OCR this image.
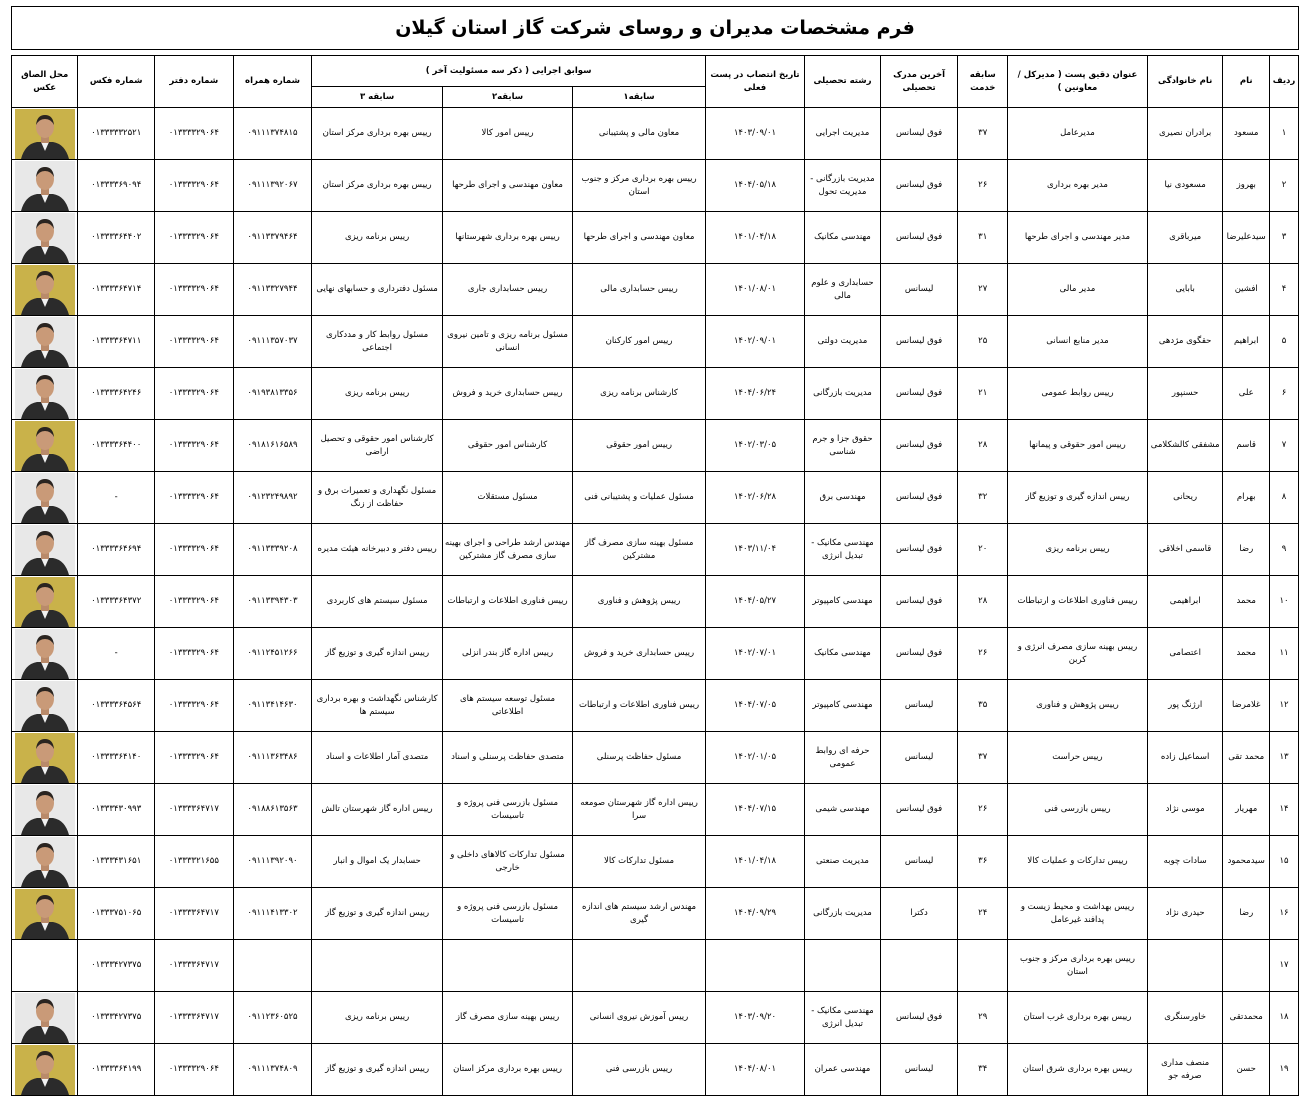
فرم مشخصات مدیران و روسای شرکت گاز استان گیلان
ردیف	نام	نام خانوادگی	عنوان دقیق پست ( مدیرکل / معاونین )	سابقه خدمت	آخرین مدرک تحصیلی	رشته تحصیلی	تاریخ انتصاب در پست فعلی	سوابق اجرایی ( ذکر سه مسئولیت آخر )			شماره همراه	شماره دفتر	شماره فکس	محل الصاق عکس
								سابقه۱	سابقه۲	سابقه ۳				
۱	مسعود	برادران نصیری	مدیرعامل	۳۷	فوق لیسانس	مدیریت اجرایی	۱۴۰۳/۰۹/۰۱	معاون مالی و پشتیبانی	رییس امور کالا	رییس بهره برداری مرکز استان	۰۹۱۱۱۳۷۴۸۱۵	۰۱۳۳۳۳۲۹۰۶۴	۰۱۳۳۳۳۳۲۵۲۱	

۲	بهروز	مسعودی نیا	مدیر بهره برداری	۲۶	فوق لیسانس	مدیریت بازرگانی - مدیریت تحول	۱۴۰۴/۰۵/۱۸	رییس بهره برداری مرکز و جنوب استان	معاون مهندسی و اجرای طرحها	رییس بهره برداری مرکز استان	۰۹۱۱۱۳۹۲۰۶۷	۰۱۳۳۳۳۲۹۰۶۴	۰۱۳۳۳۳۶۹۰۹۴	

۳	سیدعلیرضا	میرباقری	مدیر مهندسی و اجرای طرحها	۳۱	فوق لیسانس	مهندسی مکانیک	۱۴۰۱/۰۴/۱۸	معاون مهندسی و اجرای طرحها	رییس بهره برداری شهرستانها	رییس برنامه ریزی	۰۹۱۱۳۳۷۹۴۶۴	۰۱۳۳۳۳۲۹۰۶۴	۰۱۳۳۳۳۶۴۴۰۲	

۴	افشین	بابایی	مدیر مالی	۲۷	لیسانس	حسابداری و علوم مالی	۱۴۰۱/۰۸/۰۱	رییس حسابداری مالی	رییس حسابداری جاری	مسئول دفترداری و حسابهای نهایی	۰۹۱۱۳۳۲۷۹۴۴	۰۱۳۳۳۳۲۹۰۶۴	۰۱۳۳۳۳۶۴۷۱۴	

۵	ابراهیم	حقگوی مژدهی	مدیر منابع انسانی	۲۵	فوق لیسانس	مدیریت دولتی	۱۴۰۲/۰۹/۰۱	رییس امور کارکنان	مسئول برنامه ریزی و تامین نیروی انسانی	مسئول روابط کار و مددکاری اجتماعی	۰۹۱۱۱۳۵۷۰۳۷	۰۱۳۳۳۳۲۹۰۶۴	۰۱۳۳۳۳۶۴۷۱۱	

۶	علی	حسنپور	رییس روابط عمومی	۲۱	فوق لیسانس	مدیریت بازرگانی	۱۴۰۴/۰۶/۲۴	کارشناس برنامه ریزی	رییس حسابداری خرید و فروش	رییس برنامه ریزی	۰۹۱۹۳۸۱۳۳۵۶	۰۱۳۳۳۳۲۹۰۶۴	۰۱۳۳۳۳۶۴۲۴۶	

۷	قاسم	مشفقی کالشکلامی	رییس امور حقوقی و پیمانها	۲۸	فوق لیسانس	حقوق جزا و جرم شناسی	۱۴۰۲/۰۳/۰۵	رییس امور حقوقی	کارشناس امور حقوقی	کارشناس امور حقوقی و تحصیل اراضی	۰۹۱۸۱۶۱۶۵۸۹	۰۱۳۳۳۳۲۹۰۶۴	۰۱۳۳۳۳۶۴۴۰۰	

۸	بهرام	ریحانی	رییس اندازه گیری و توزیع گاز	۳۲	فوق لیسانس	مهندسی برق	۱۴۰۲/۰۶/۲۸	مسئول عملیات و پشتیبانی فنی	مسئول مستقلات	مسئول نگهداری و تعمیرات برق و حفاظت از زنگ	۰۹۱۲۳۲۴۹۸۹۲	۰۱۳۳۳۳۲۹۰۶۴	-	

۹	رضا	قاسمی اخلاقی	رییس برنامه ریزی	۲۰	فوق لیسانس	مهندسی مکانیک - تبدیل انرژی	۱۴۰۳/۱۱/۰۴	مسئول بهینه سازی مصرف گاز مشترکین	مهندس ارشد طراحی و اجرای بهینه سازی مصرف گاز مشترکین	رییس دفتر و دبیرخانه هیئت مدیره	۰۹۱۱۳۳۳۹۲۰۸	۰۱۳۳۳۳۲۹۰۶۴	۰۱۳۳۳۳۶۴۶۹۴	

۱۰	محمد	ابراهیمی	رییس فناوری اطلاعات و ارتباطات	۲۸	فوق لیسانس	مهندسی کامپیوتر	۱۴۰۴/۰۵/۲۷	رییس پژوهش و فناوری	رییس فناوری اطلاعات و ارتباطات	مسئول سیستم های کاربردی	۰۹۱۱۳۳۹۴۳۰۳	۰۱۳۳۳۳۲۹۰۶۴	۰۱۳۳۳۳۶۴۳۷۲	

۱۱	محمد	اعتصامی	رییس بهینه سازی مصرف انرژی و کربن	۲۶	فوق لیسانس	مهندسی مکانیک	۱۴۰۲/۰۷/۰۱	رییس حسابداری خرید و فروش	رییس اداره گاز بندر انزلی	رییس اندازه گیری و توزیع گاز	۰۹۱۱۲۴۵۱۲۶۶	۰۱۳۳۳۳۲۹۰۶۴	-	

۱۲	غلامرضا	ارژنگ پور	رییس پژوهش و فناوری	۳۵	لیسانس	مهندسی کامپیوتر	۱۴۰۴/۰۷/۰۵	رییس فناوری اطلاعات و ارتباطات	مسئول توسعه سیستم های اطلاعاتی	کارشناس نگهداشت و بهره برداری سیستم ها	۰۹۱۱۳۴۱۴۶۳۰	۰۱۳۳۳۳۲۹۰۶۴	۰۱۳۳۳۳۶۴۵۶۴	

۱۳	محمد تقی	اسماعیل زاده	رییس حراست	۳۷	لیسانس	حرفه ای روابط عمومی	۱۴۰۲/۰۱/۰۵	مسئول حفاظت پرسنلی	متصدی حفاظت پرسنلی و اسناد	متصدی آمار اطلاعات و اسناد	۰۹۱۱۱۳۶۳۴۸۶	۰۱۳۳۳۳۲۹۰۶۴	۰۱۳۳۳۳۶۴۱۴۰	

۱۴	مهریار	موسی نژاد	رییس بازرسی فنی	۲۶	فوق لیسانس	مهندسی شیمی	۱۴۰۴/۰۷/۱۵	رییس اداره گاز شهرستان صومعه سرا	مسئول بازرسی فنی پروژه و تاسیسات	رییس اداره گاز شهرستان تالش	۰۹۱۸۸۶۱۳۵۶۳	۰۱۳۳۳۳۶۴۷۱۷	۰۱۳۳۳۴۳۰۹۹۳	

۱۵	سیدمحمود	سادات چوبه	رییس تدارکات و عملیات کالا	۳۶	لیسانس	مدیریت صنعتی	۱۴۰۱/۰۴/۱۸	مسئول تدارکات کالا	مسئول تدارکات کالاهای داخلی و خارجی	حسابدار یک اموال و انبار	۰۹۱۱۱۳۹۲۰۹۰	۰۱۳۳۳۳۲۱۶۵۵	۰۱۳۳۳۴۳۱۶۵۱	

۱۶	رضا	حیدری نژاد	رییس بهداشت و محیط زیست و پدافند غیرعامل	۲۴	دکترا	مدیریت بازرگانی	۱۴۰۴/۰۹/۲۹	مهندس ارشد سیستم های اندازه گیری	مسئول بازرسی فنی پروژه و تاسیسات	رییس اندازه گیری و توزیع گاز	۰۹۱۱۱۴۱۳۳۰۲	۰۱۳۳۳۳۶۴۷۱۷	۰۱۳۳۳۷۵۱۰۶۵	

۱۷			رییس بهره برداری مرکز و جنوب استان									۰۱۳۳۳۳۶۴۷۱۷	۰۱۳۳۳۴۲۷۳۷۵	
۱۸	محمدتقی	خاورسنگری	رییس بهره برداری غرب استان	۲۹	فوق لیسانس	مهندسی مکانیک - تبدیل انرژی	۱۴۰۳/۰۹/۲۰	رییس آموزش نیروی انسانی	رییس بهینه سازی مصرف گاز	رییس برنامه ریزی	۰۹۱۱۲۳۶۰۵۲۵	۰۱۳۳۳۳۶۴۷۱۷	۰۱۳۳۳۴۲۷۳۷۵	

۱۹	حسن	منصف مداری صرفه جو	رییس بهره برداری شرق استان	۳۴	لیسانس	مهندسی عمران	۱۴۰۴/۰۸/۰۱	رییس بازرسی فنی	رییس بهره برداری مرکز استان	رییس اندازه گیری و توزیع گاز	۰۹۱۱۱۳۷۴۸۰۹	۰۱۳۳۳۳۲۹۰۶۴	۰۱۳۳۳۳۶۴۱۹۹	
